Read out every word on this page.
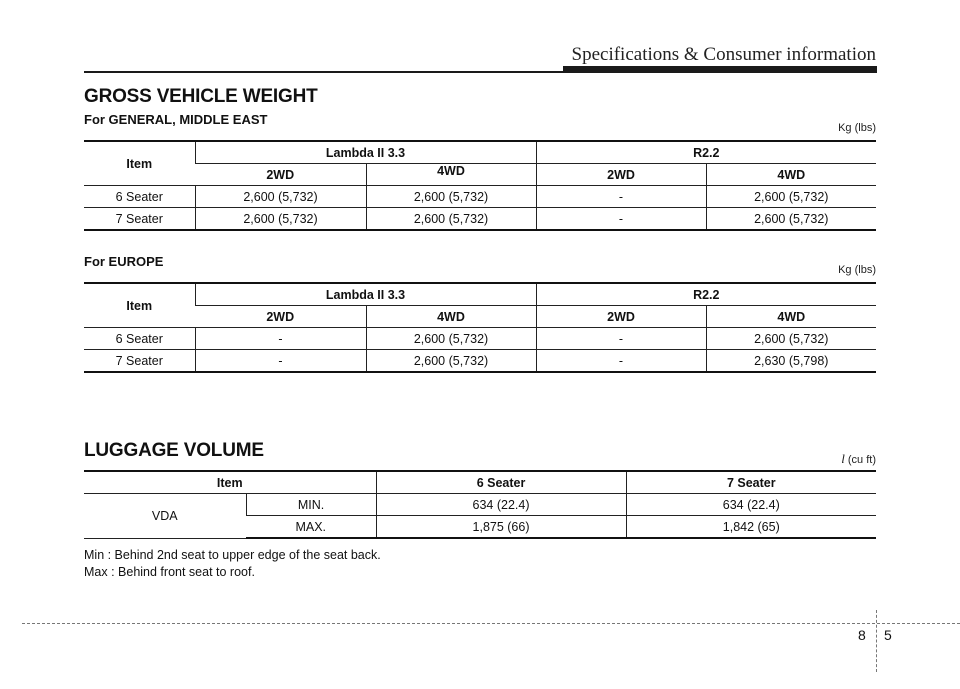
Specifications & Consumer information
GROSS VEHICLE WEIGHT
For GENERAL, MIDDLE EAST
Kg (lbs)
Item	Lambda II 3.3		R2.2	
	2WD	4WD	2WD	4WD
6 Seater	2,600 (5,732)	2,600 (5,732)	-	2,600 (5,732)
7 Seater	2,600 (5,732)	2,600 (5,732)	-	2,600 (5,732)
For EUROPE
Kg (lbs)
Item	Lambda II 3.3		R2.2	
	2WD	4WD	2WD	4WD
6 Seater	-	2,600 (5,732)	-	2,600 (5,732)
7 Seater	-	2,600 (5,732)	-	2,630 (5,798)
LUGGAGE VOLUME	l (cu ft)
Item		6 Seater	7 Seater
VDA	MIN.	634 (22.4)	634 (22.4)
	MAX.	1,875 (66)	1,842 (65)
Min : Behind 2nd seat to upper edge of the seat back.
Max : Behind front seat to roof.
8 5
